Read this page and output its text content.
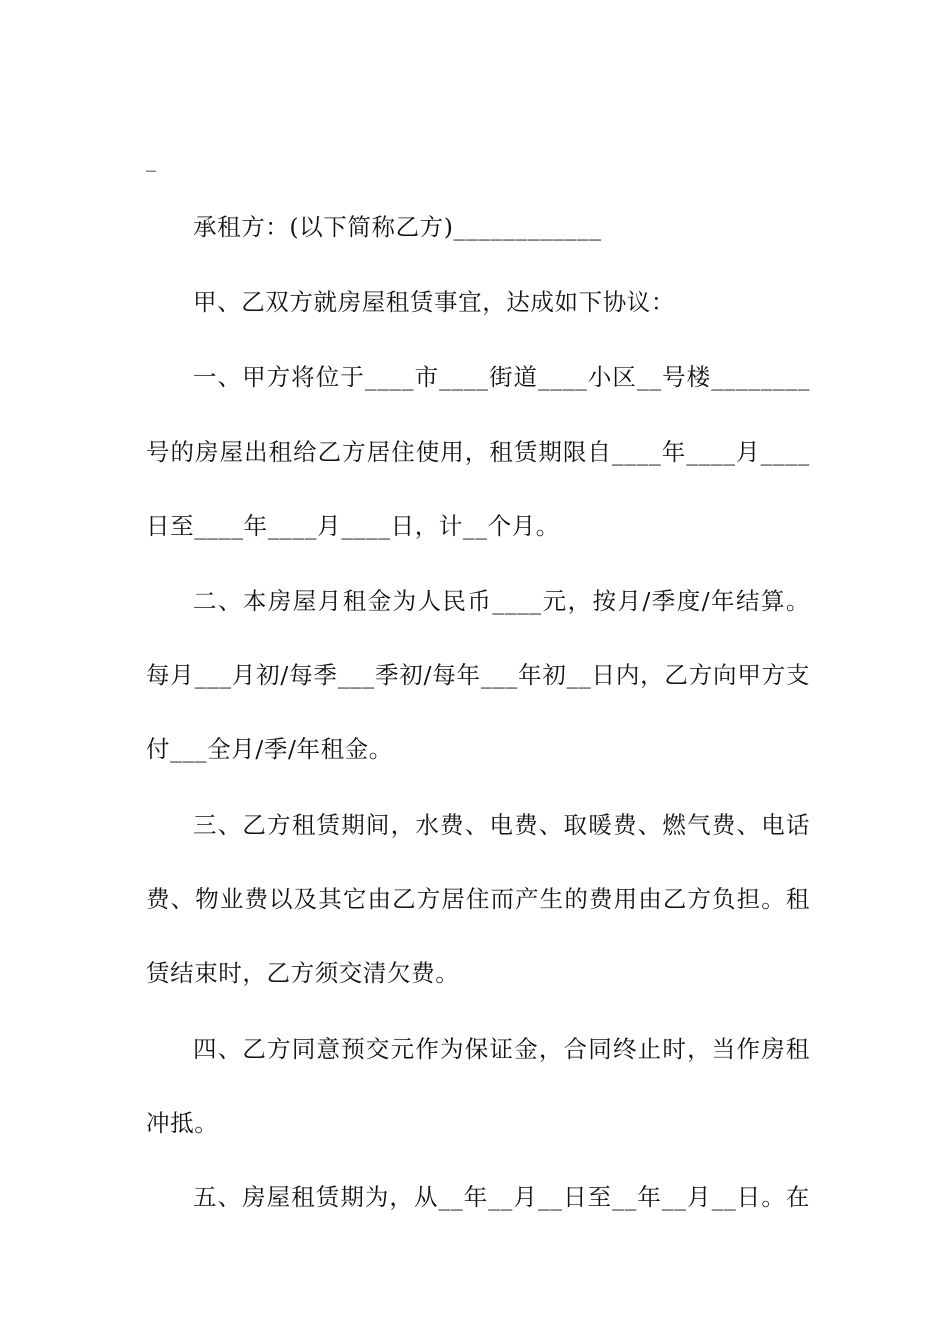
_
承租方：(以下简称乙方)____________
甲、乙双方就房屋租赁事宜，达成如下协议：
一、甲方将位于____市____街道____小区__号楼________
号的房屋出租给乙方居住使用，租赁期限自____年____月____
日至____年____月____日，计__个月。
二、本房屋月租金为人民币____元，按月/季度/年结算。
每月___月初/每季___季初/每年___年初__日内，乙方向甲方支
付___全月/季/年租金。
三、乙方租赁期间，水费、电费、取暖费、燃气费、电话
费、物业费以及其它由乙方居住而产生的费用由乙方负担。租
赁结束时，乙方须交清欠费。
四、乙方同意预交元作为保证金，合同终止时，当作房租
冲抵。
五、房屋租赁期为，从__年__月__日至__年__月__日。在
